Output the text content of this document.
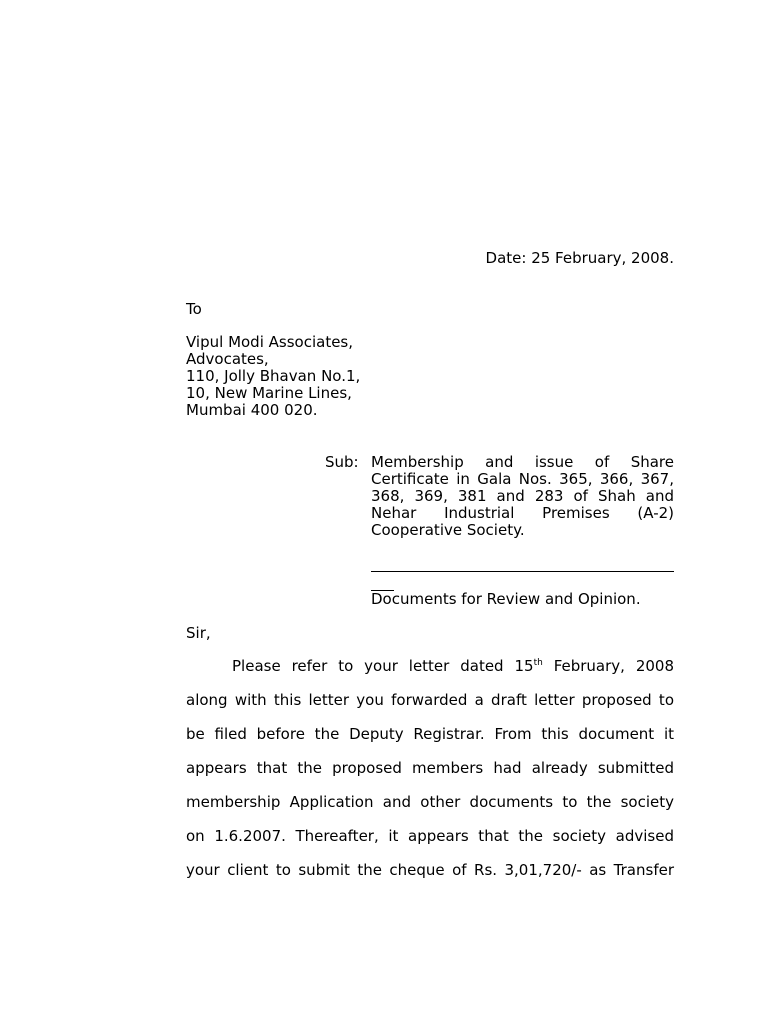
Date: 25 February, 2008.
To
Vipul Modi Associates,
Advocates,
110, Jolly Bhavan No.1,
10, New Marine Lines,
Mumbai 400 020.
Sub: Membership and issue of Share Certificate in Gala Nos. 365, 366, 367, 368, 369, 381 and 283 of Shah and Nehar Industrial Premises (A-2) Cooperative Society.
Documents for Review and Opinion.
Sir,
Please refer to your letter dated 15th February, 2008
along with this letter you forwarded a draft letter proposed to
be filed before the Deputy Registrar. From this document it
appears that the proposed members had already submitted
membership Application and other documents to the society
on 1.6.2007. Thereafter, it appears that the society advised
your client to submit the cheque of Rs. 3,01,720/- as Transfer
